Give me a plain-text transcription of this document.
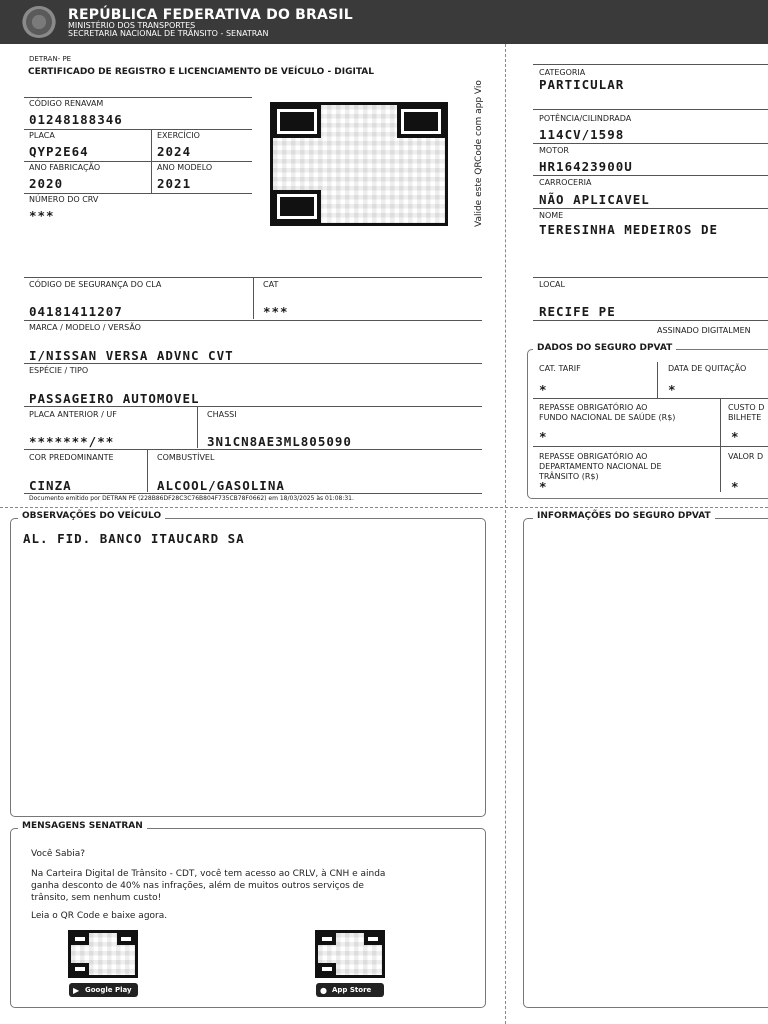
REPÚBLICA FEDERATIVA DO BRASIL
MINISTÉRIO DOS TRANSPORTES
SECRETARIA NACIONAL DE TRÂNSITO - SENATRAN
DETRAN- PE
CERTIFICADO DE REGISTRO E LICENCIAMENTO DE VEÍCULO - DIGITAL
CÓDIGO RENAVAM
01248188346
PLACA
QYP2E64
EXERCÍCIO
2024
ANO FABRICAÇÃO
2020
ANO MODELO
2021
NÚMERO DO CRV
***	Valide este QRCode com app Vio
CÓDIGO DE SEGURANÇA DO CLA
04181411207
CAT
***
MARCA / MODELO / VERSÃO
I/NISSAN VERSA ADVNC CVT
ESPÉCIE / TIPO
PASSAGEIRO AUTOMOVEL
PLACA ANTERIOR / UF
*******/**
CHASSI
3N1CN8AE3ML805090
COR PREDOMINANTE
CINZA
COMBUSTÍVEL
ALCOOL/GASOLINA
Documento emitido por DETRAN PE (228B86DF28C3C76B804F735CB78F0662) em 18/03/2025 às 01:08:31.
CATEGORIA
PARTICULAR
POTÊNCIA/CILINDRADA
114CV/1598
MOTOR
HR16423900U
CARROCERIA
NÃO APLICAVEL
NOME
TERESINHA MEDEIROS DE
LOCAL
RECIFE PE
ASSINADO DIGITALMEN
DADOS DO SEGURO DPVAT
CAT. TARIF
*
DATA DE QUITAÇÃO
*
REPASSE OBRIGATÓRIO AO
FUNDO NACIONAL DE SAÚDE (R$)
*
CUSTO D
BILHETE
*
REPASSE OBRIGATÓRIO AO
DEPARTAMENTO NACIONAL DE
TRÂNSITO (R$)
*
VALOR D
*
OBSERVAÇÕES DO VEÍCULO
AL. FID. BANCO ITAUCARD SA
INFORMAÇÕES DO SEGURO DPVAT
MENSAGENS SENATRAN
Você Sabia?
Na Carteira Digital de Trânsito - CDT, você tem acesso ao CRLV, à CNH e ainda ganha desconto de 40% nas infrações, além de muitos outros serviços de trânsito, sem nenhum custo!
Leia o QR Code e baixe agora.
▶ Google Play	● App Store
